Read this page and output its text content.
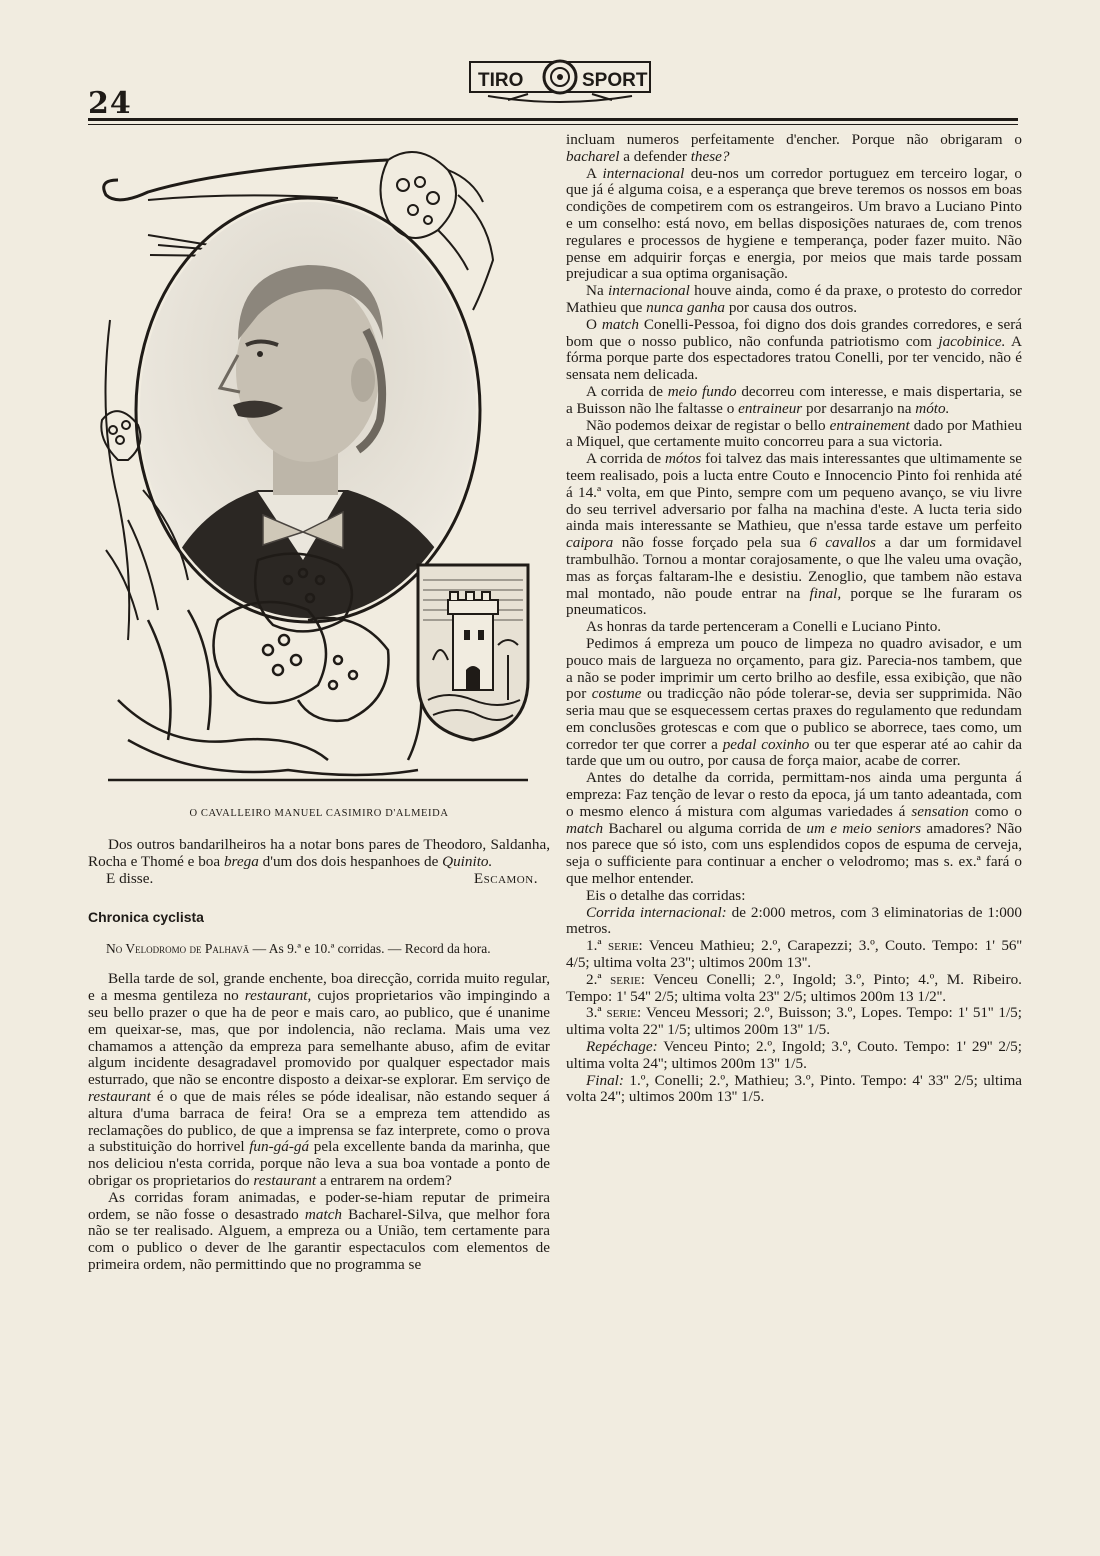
24
TIRO	SPORT
O CAVALLEIRO MANUEL CASIMIRO D'ALMEIDA

Dos outros bandarilheiros ha a notar bons pares de Theodoro, Saldanha, Rocha e Thomé e boa brega d'um dos dois hespanhoes de Quinito.

E disse.	Escamon.
Chronica cyclista
No Velodromo de Palhavã — As 9.ª e 10.ª corridas. — Record da hora.

Bella tarde de sol, grande enchente, boa direcção, corrida muito regular, e a mesma gentileza no restaurant, cujos proprietarios vão impingindo a seu bello prazer o que ha de peor e mais caro, ao publico, que é unanime em queixar-se, mas, que por indolencia, não reclama. Mais uma vez chamamos a attenção da empreza para semelhante abuso, afim de evitar algum incidente desagradavel promovido por qualquer espectador mais esturrado, que não se encontre disposto a deixar-se explorar. Em serviço de restaurant é o que de mais réles se póde idealisar, não estando sequer á altura d'uma barraca de feira! Ora se a empreza tem attendido as reclamações do publico, de que a imprensa se faz interprete, como o prova a substituição do horrivel fun-gá-gá pela excellente banda da marinha, que nos deliciou n'esta corrida, porque não leva a sua boa vontade a ponto de obrigar os proprietarios do restaurant a entrarem na ordem?

As corridas foram animadas, e poder-se-hiam reputar de primeira ordem, se não fosse o desastrado match Bacharel-Silva, que melhor fora não se ter realisado. Alguem, a empreza ou a União, tem certamente para com o publico o dever de lhe garantir espectaculos com elementos de primeira ordem, não permittindo que no programma se

incluam numeros perfeitamente d'encher. Porque não obrigaram o bacharel a defender these?

A internacional deu-nos um corredor portuguez em terceiro logar, o que já é alguma coisa, e a esperança que breve teremos os nossos em boas condições de competirem com os estrangeiros. Um bravo a Luciano Pinto e um conselho: está novo, em bellas disposições naturaes de, com trenos regulares e processos de hygiene e temperança, poder fazer muito. Não pense em adquirir forças e energia, por meios que mais tarde possam prejudicar a sua optima organisação.

Na internacional houve ainda, como é da praxe, o protesto do corredor Mathieu que nunca ganha por causa dos outros.

O match Conelli-Pessoa, foi digno dos dois grandes corredores, e será bom que o nosso publico, não confunda patriotismo com jacobinice. A fórma porque parte dos espectadores tratou Conelli, por ter vencido, não é sensata nem delicada.

A corrida de meio fundo decorreu com interesse, e mais dispertaria, se a Buisson não lhe faltasse o entraineur por desarranjo na móto.

Não podemos deixar de registar o bello entrainement dado por Mathieu a Miquel, que certamente muito concorreu para a sua victoria.

A corrida de mótos foi talvez das mais interessantes que ultimamente se teem realisado, pois a lucta entre Couto e Innocencio Pinto foi renhida até á 14.ª volta, em que Pinto, sempre com um pequeno avanço, se viu livre do seu terrivel adversario por falha na machina d'este. A lucta teria sido ainda mais interessante se Mathieu, que n'essa tarde estave um perfeito caipora não fosse forçado pela sua 6 cavallos a dar um formidavel trambulhão. Tornou a montar corajosamente, o que lhe valeu uma ovação, mas as forças faltaram-lhe e desistiu. Zenoglio, que tambem não estava mal montado, não poude entrar na final, porque se lhe furaram os pneumaticos.

As honras da tarde pertenceram a Conelli e Luciano Pinto.

Pedimos á empreza um pouco de limpeza no quadro avisador, e um pouco mais de largueza no orçamento, para giz. Parecia-nos tambem, que a não se poder imprimir um certo brilho ao desfile, essa exibição, que não por costume ou tradicção não póde tolerar-se, devia ser supprimida. Não seria mau que se esquecessem certas praxes do regulamento que redundam em conclusões grotescas e com que o publico se aborrece, taes como, um corredor ter que correr a pedal coxinho ou ter que esperar até ao cahir da tarde que um ou outro, por causa de força maior, acabe de correr.

Antes do detalhe da corrida, permittam-nos ainda uma pergunta á empreza: Faz tenção de levar o resto da epoca, já um tanto adeantada, com o mesmo elenco á mistura com algumas variedades á sensation como o match Bacharel ou alguma corrida de um e meio seniors amadores? Não nos parece que só isto, com uns esplendidos copos de espuma de cerveja, seja o sufficiente para continuar a encher o velodromo; mas s. ex.ª fará o que melhor entender.

Eis o detalhe das corridas:

Corrida internacional: de 2:000 metros, com 3 eliminatorias de 1:000 metros.

1.ª serie: Venceu Mathieu; 2.º, Carapezzi; 3.º, Couto. Tempo: 1' 56'' 4/5; ultima volta 23''; ultimos 200m 13''.

2.ª serie: Venceu Conelli; 2.º, Ingold; 3.º, Pinto; 4.º, M. Ribeiro. Tempo: 1' 54'' 2/5; ultima volta 23'' 2/5; ultimos 200m 13 1/2''.

3.ª serie: Venceu Messori; 2.º, Buisson; 3.º, Lopes. Tempo: 1' 51'' 1/5; ultima volta 22'' 1/5; ultimos 200m 13'' 1/5.

Repéchage: Venceu Pinto; 2.º, Ingold; 3.º, Couto. Tempo: 1' 29'' 2/5; ultima volta 24''; ultimos 200m 13'' 1/5.

Final: 1.º, Conelli; 2.º, Mathieu; 3.º, Pinto. Tempo: 4' 33'' 2/5; ultima volta 24''; ultimos 200m 13'' 1/5.
